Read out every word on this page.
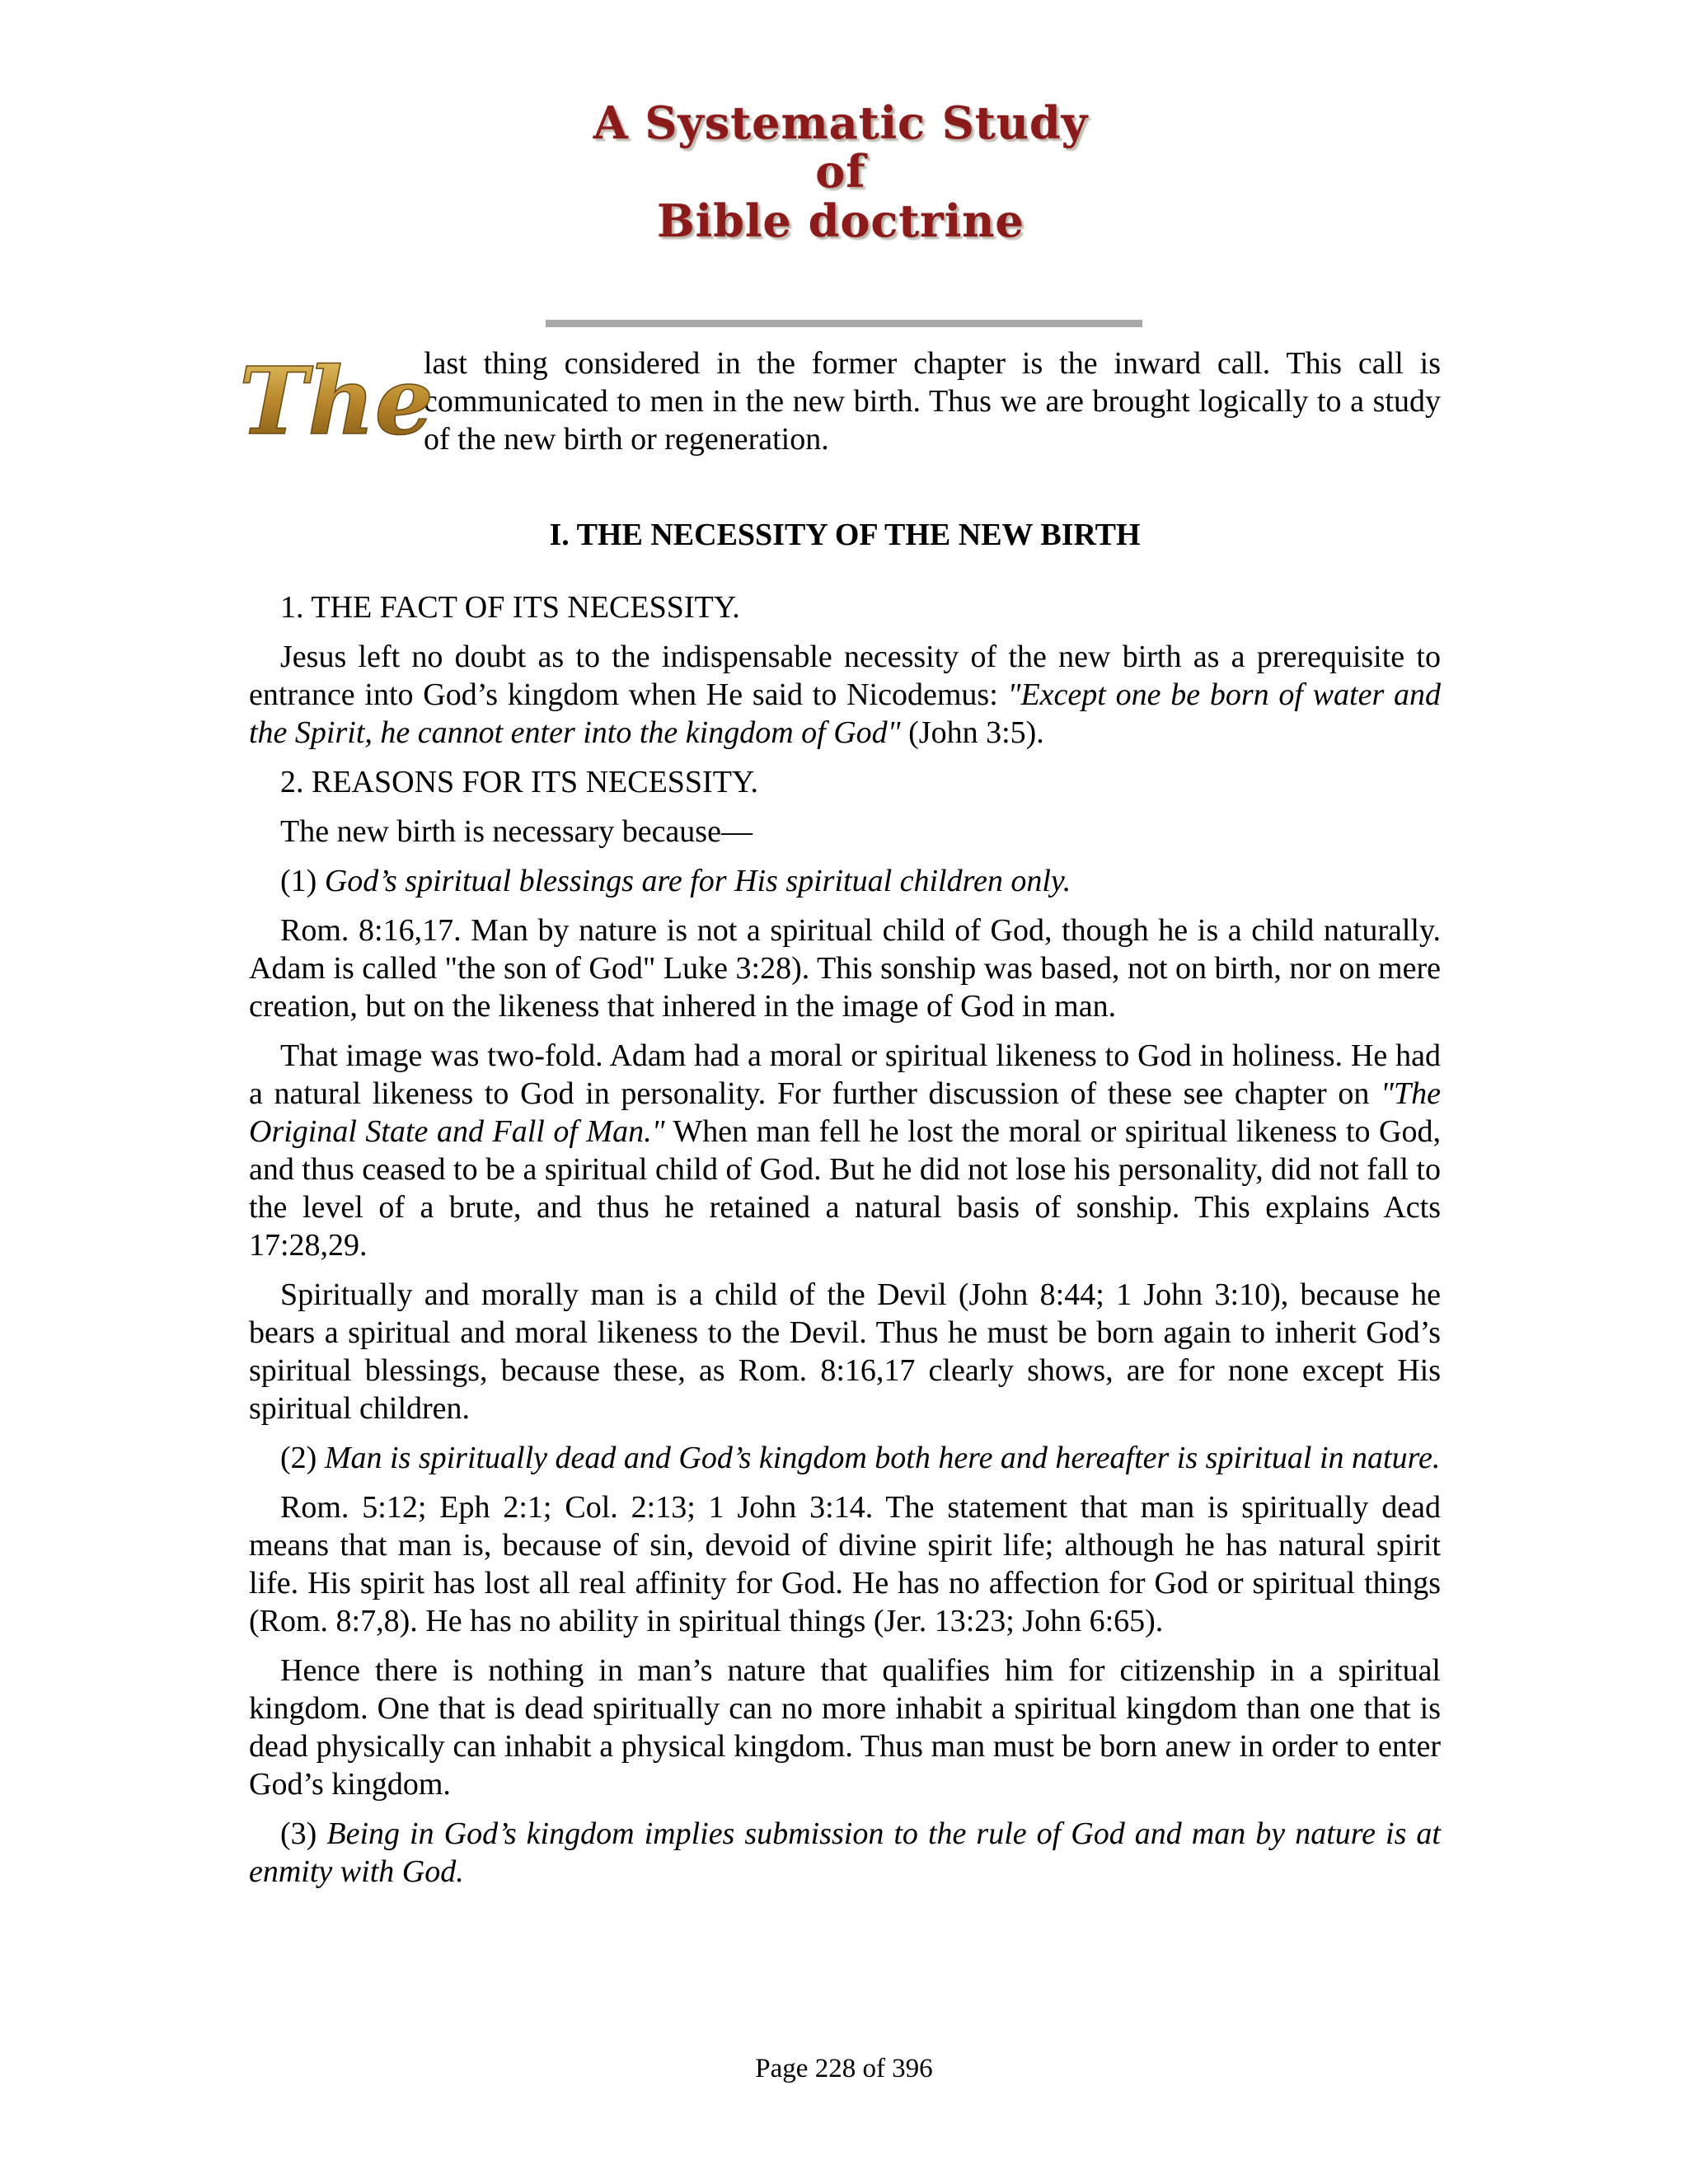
A Systematic Study of
Bible doctrine
The

last thing considered in the former chapter is the inward call. This call is communicated to men in the new birth. Thus we are brought logically to a study of the new birth or regeneration.

I. THE NECESSITY OF THE NEW BIRTH

1. THE FACT OF ITS NECESSITY.

Jesus left no doubt as to the indispensable necessity of the new birth as a prerequisite to entrance into God’s kingdom when He said to Nicodemus: "Except one be born of water and the Spirit, he cannot enter into the kingdom of God" (John 3:5).

2. REASONS FOR ITS NECESSITY.

The new birth is necessary because—

(1) God’s spiritual blessings are for His spiritual children only.

Rom. 8:16,17. Man by nature is not a spiritual child of God, though he is a child naturally. Adam is called "the son of God" Luke 3:28). This sonship was based, not on birth, nor on mere creation, but on the likeness that inhered in the image of God in man.

That image was two-fold. Adam had a moral or spiritual likeness to God in holiness. He had a natural likeness to God in personality. For further discussion of these see chapter on "The Original State and Fall of Man." When man fell he lost the moral or spiritual likeness to God, and thus ceased to be a spiritual child of God. But he did not lose his personality, did not fall to the level of a brute, and thus he retained a natural basis of sonship. This explains Acts 17:28,29.

Spiritually and morally man is a child of the Devil (John 8:44; 1 John 3:10), because he bears a spiritual and moral likeness to the Devil. Thus he must be born again to inherit God’s spiritual blessings, because these, as Rom. 8:16,17 clearly shows, are for none except His spiritual children.

(2) Man is spiritually dead and God’s kingdom both here and hereafter is spiritual in nature.

Rom. 5:12; Eph 2:1; Col. 2:13; 1 John 3:14. The statement that man is spiritually dead means that man is, because of sin, devoid of divine spirit life; although he has natural spirit life. His spirit has lost all real affinity for God. He has no affection for God or spiritual things (Rom. 8:7,8). He has no ability in spiritual things (Jer. 13:23; John 6:65).

Hence there is nothing in man’s nature that qualifies him for citizenship in a spiritual kingdom. One that is dead spiritually can no more inhabit a spiritual kingdom than one that is dead physically can inhabit a physical kingdom. Thus man must be born anew in order to enter God’s kingdom.

(3) Being in God’s kingdom implies submission to the rule of God and man by nature is at enmity with God.

Page 228 of 396
